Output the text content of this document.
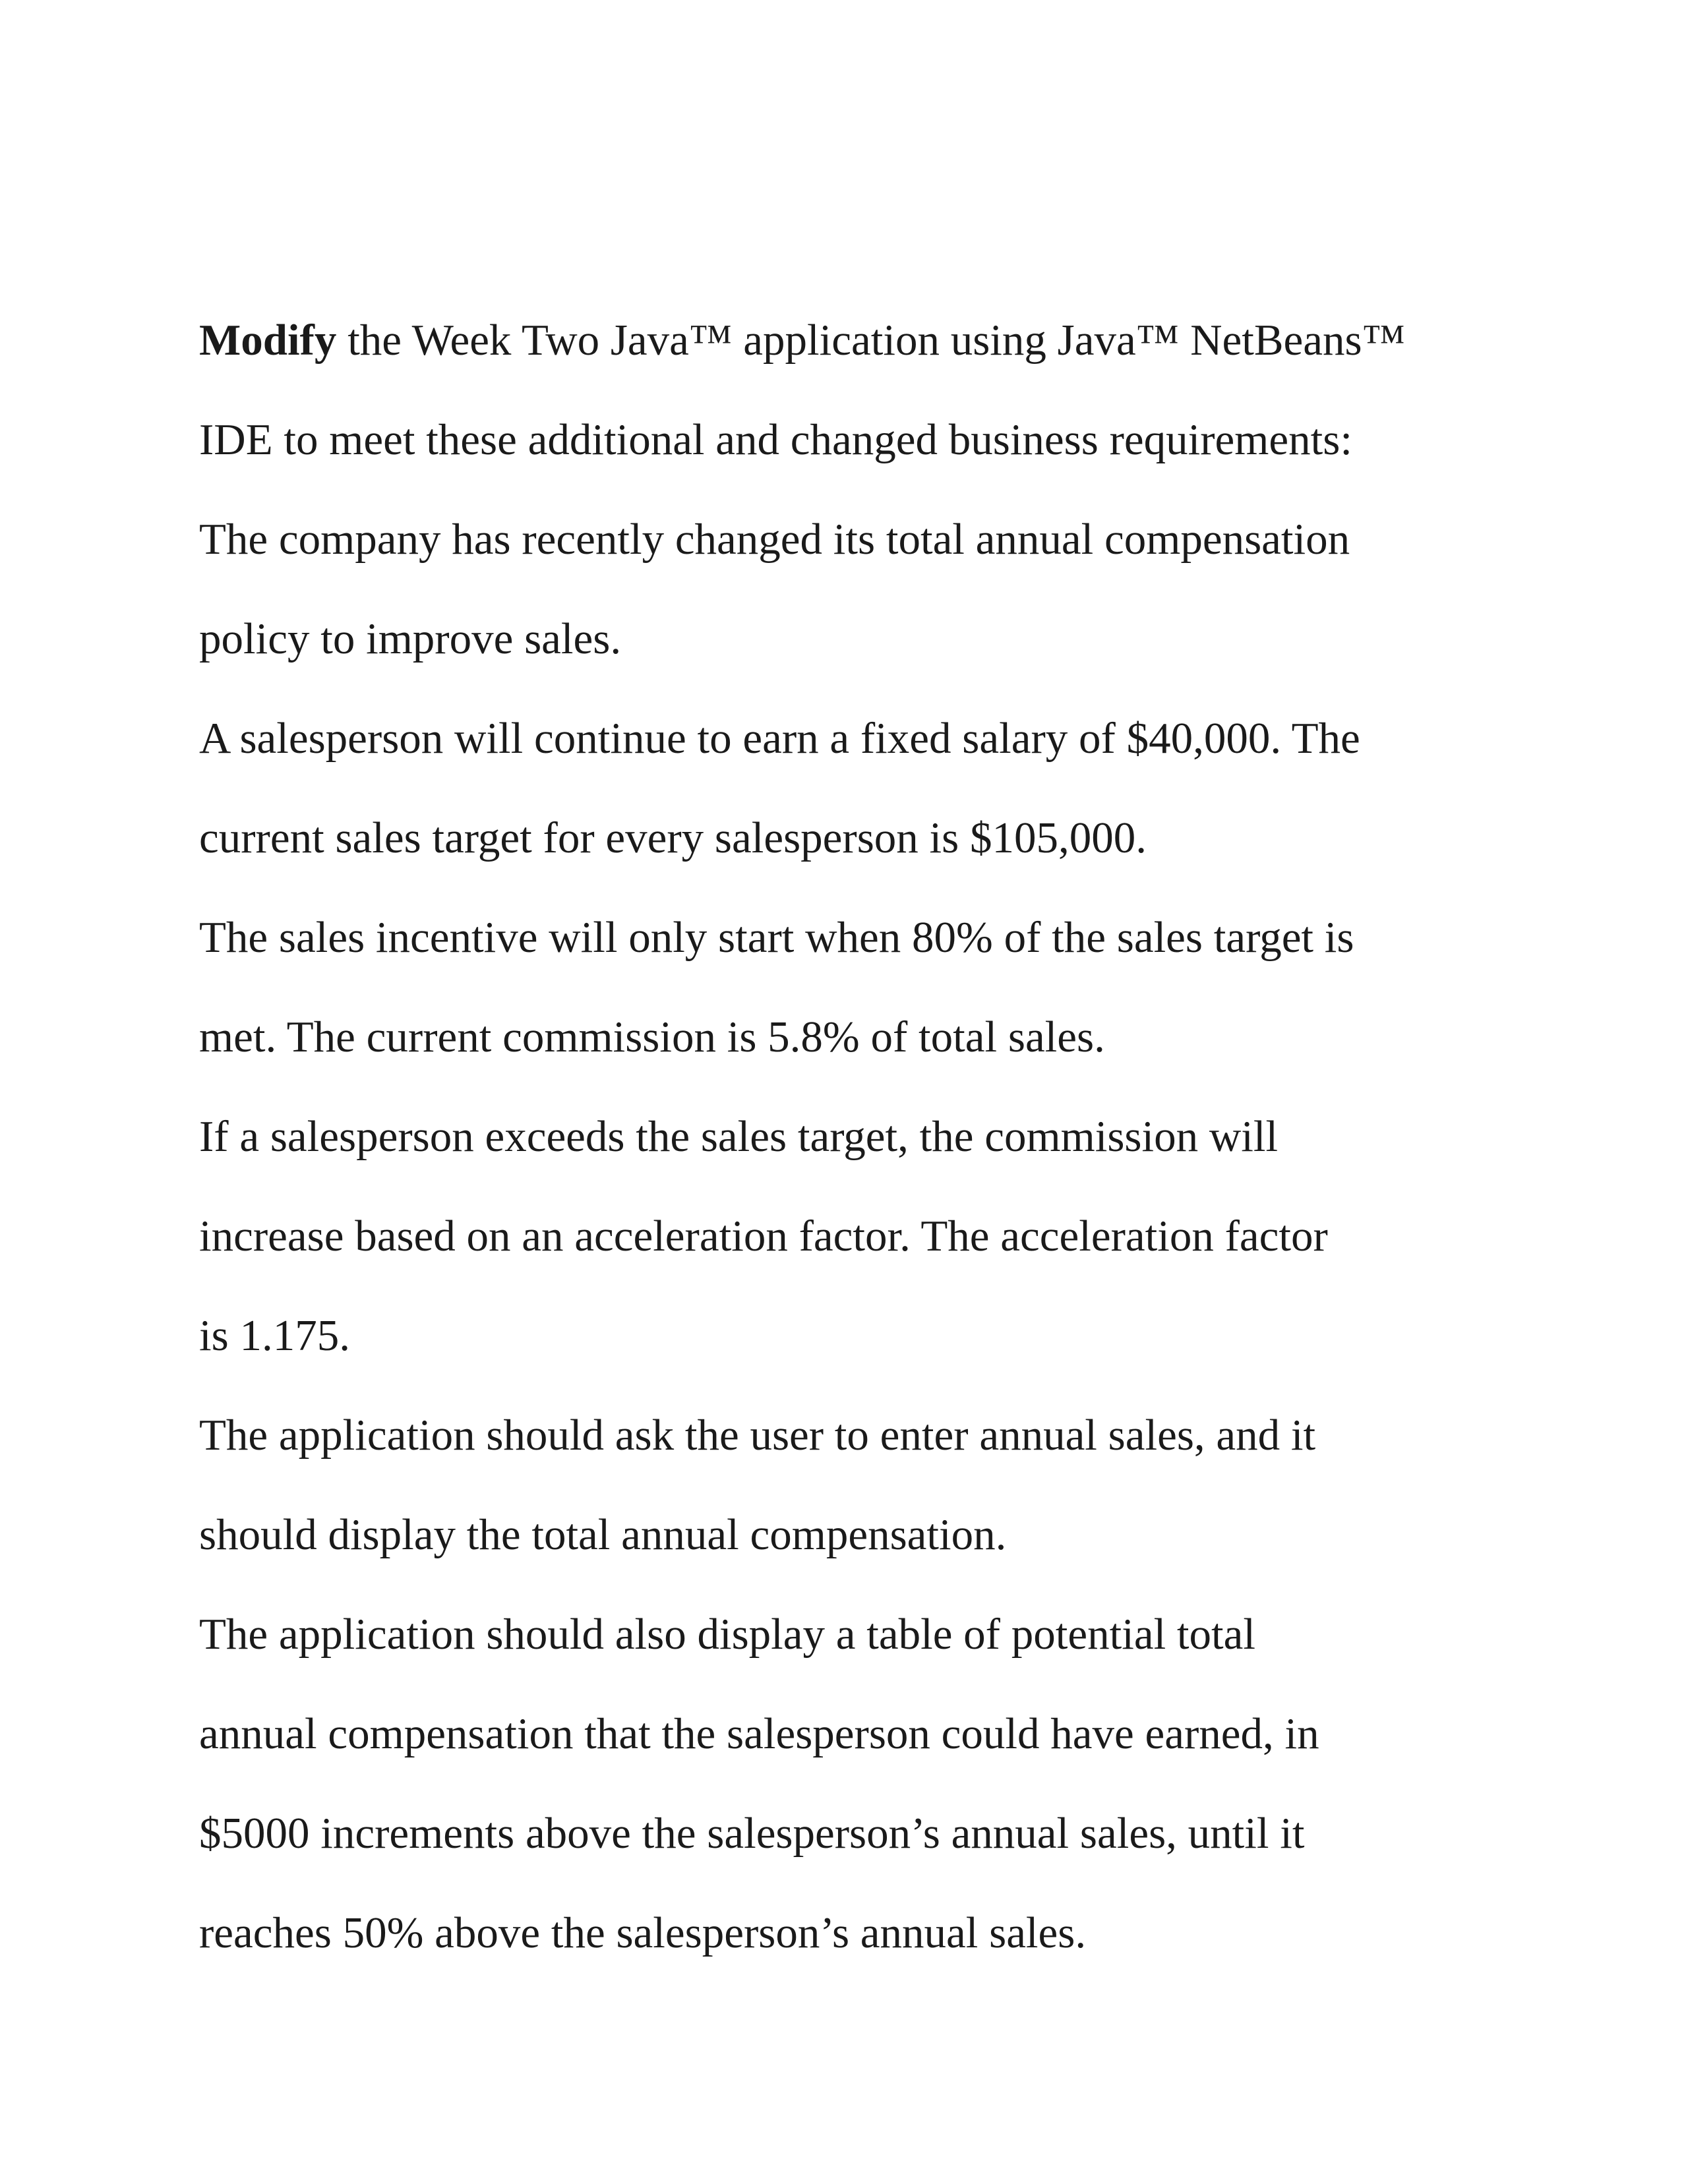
Modify the Week Two Java™ application using Java™ NetBeans™
IDE to meet these additional and changed business requirements:
The company has recently changed its total annual compensation
policy to improve sales.
A salesperson will continue to earn a fixed salary of $40,000. The
current sales target for every salesperson is $105,000.
The sales incentive will only start when 80% of the sales target is
met. The current commission is 5.8% of total sales.
If a salesperson exceeds the sales target, the commission will
increase based on an acceleration factor. The acceleration factor
is 1.175.
The application should ask the user to enter annual sales, and it
should display the total annual compensation.
The application should also display a table of potential total
annual compensation that the salesperson could have earned, in
$5000 increments above the salesperson’s annual sales, until it
reaches 50% above the salesperson’s annual sales.
